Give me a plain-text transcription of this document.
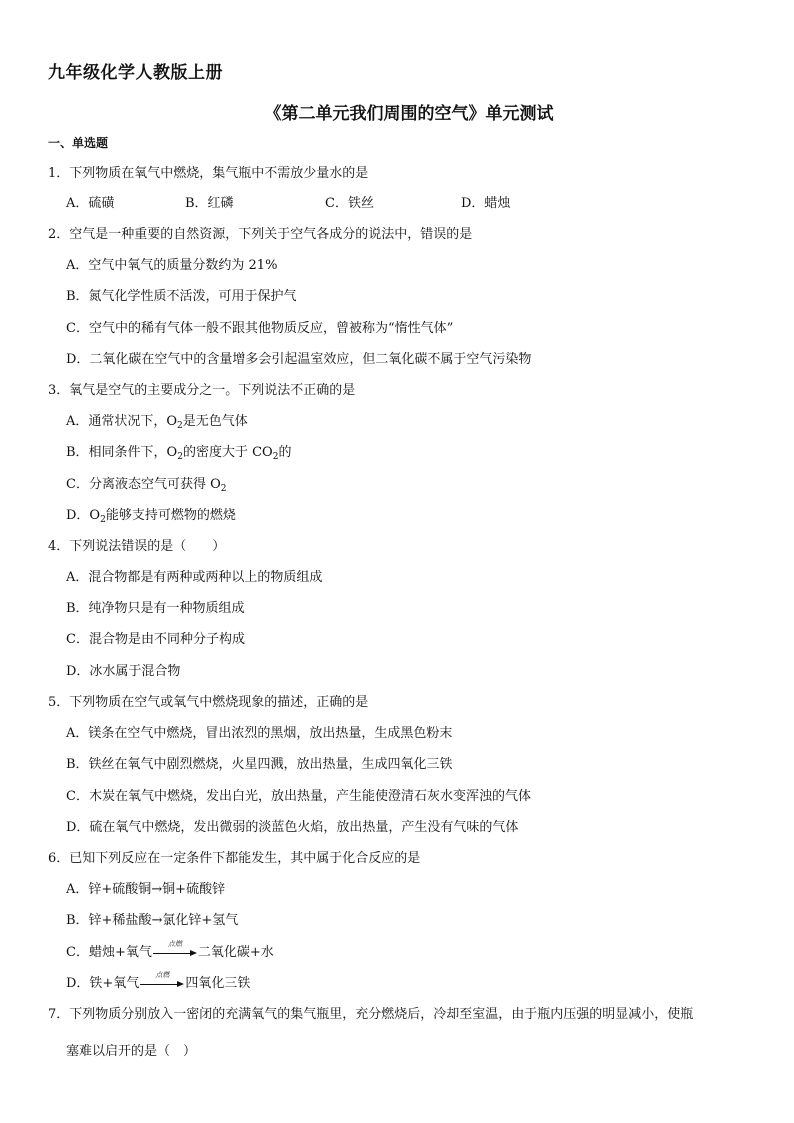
九年级化学人教版上册
《第二单元我们周围的空气》单元测试
一、单选题
1．下列物质在氧气中燃烧，集气瓶中不需放少量水的是
A．硫磺	B．红磷	C．铁丝	D．蜡烛
2．空气是一种重要的自然资源，下列关于空气各成分的说法中，错误的是
A．空气中氧气的质量分数约为 21%
B．氮气化学性质不活泼，可用于保护气
C．空气中的稀有气体一般不跟其他物质反应，曾被称为“惰性气体”
D．二氧化碳在空气中的含量增多会引起温室效应，但二氧化碳不属于空气污染物
3．氧气是空气的主要成分之一。下列说法不正确的是
A．通常状况下，$O_2$是无色气体
B．相同条件下，$O_2$的密度大于 $CO_2$的
C．分离液态空气可获得 $O_2$
D．$O_2$能够支持可燃物的燃烧
4．下列说法错误的是（　　）
A．混合物都是有两种或两种以上的物质组成
B．纯净物只是有一种物质组成
C．混合物是由不同种分子构成
D．冰水属于混合物
5．下列物质在空气或氧气中燃烧现象的描述，正确的是
A．镁条在空气中燃烧，冒出浓烈的黑烟，放出热量，生成黑色粉末
B．铁丝在氧气中剧烈燃烧，火星四溅，放出热量，生成四氧化三铁
C．木炭在氧气中燃烧，发出白光，放出热量，产生能使澄清石灰水变浑浊的气体
D．硫在氧气中燃烧，发出微弱的淡蓝色火焰，放出热量，产生没有气味的气体
6．已知下列反应在一定条件下都能发生，其中属于化合反应的是
A．锌+硫酸铜→铜+硫酸锌
B．锌+稀盐酸→氯化锌+氢气
C．蜡烛+氧气
点燃
二氧化碳+水
D．铁+氧气
点燃
四氧化三铁
7．下列物质分别放入一密闭的充满氧气的集气瓶里，充分燃烧后，冷却至室温，由于瓶内压强的明显减小，使瓶
塞难以启开的是（　）
